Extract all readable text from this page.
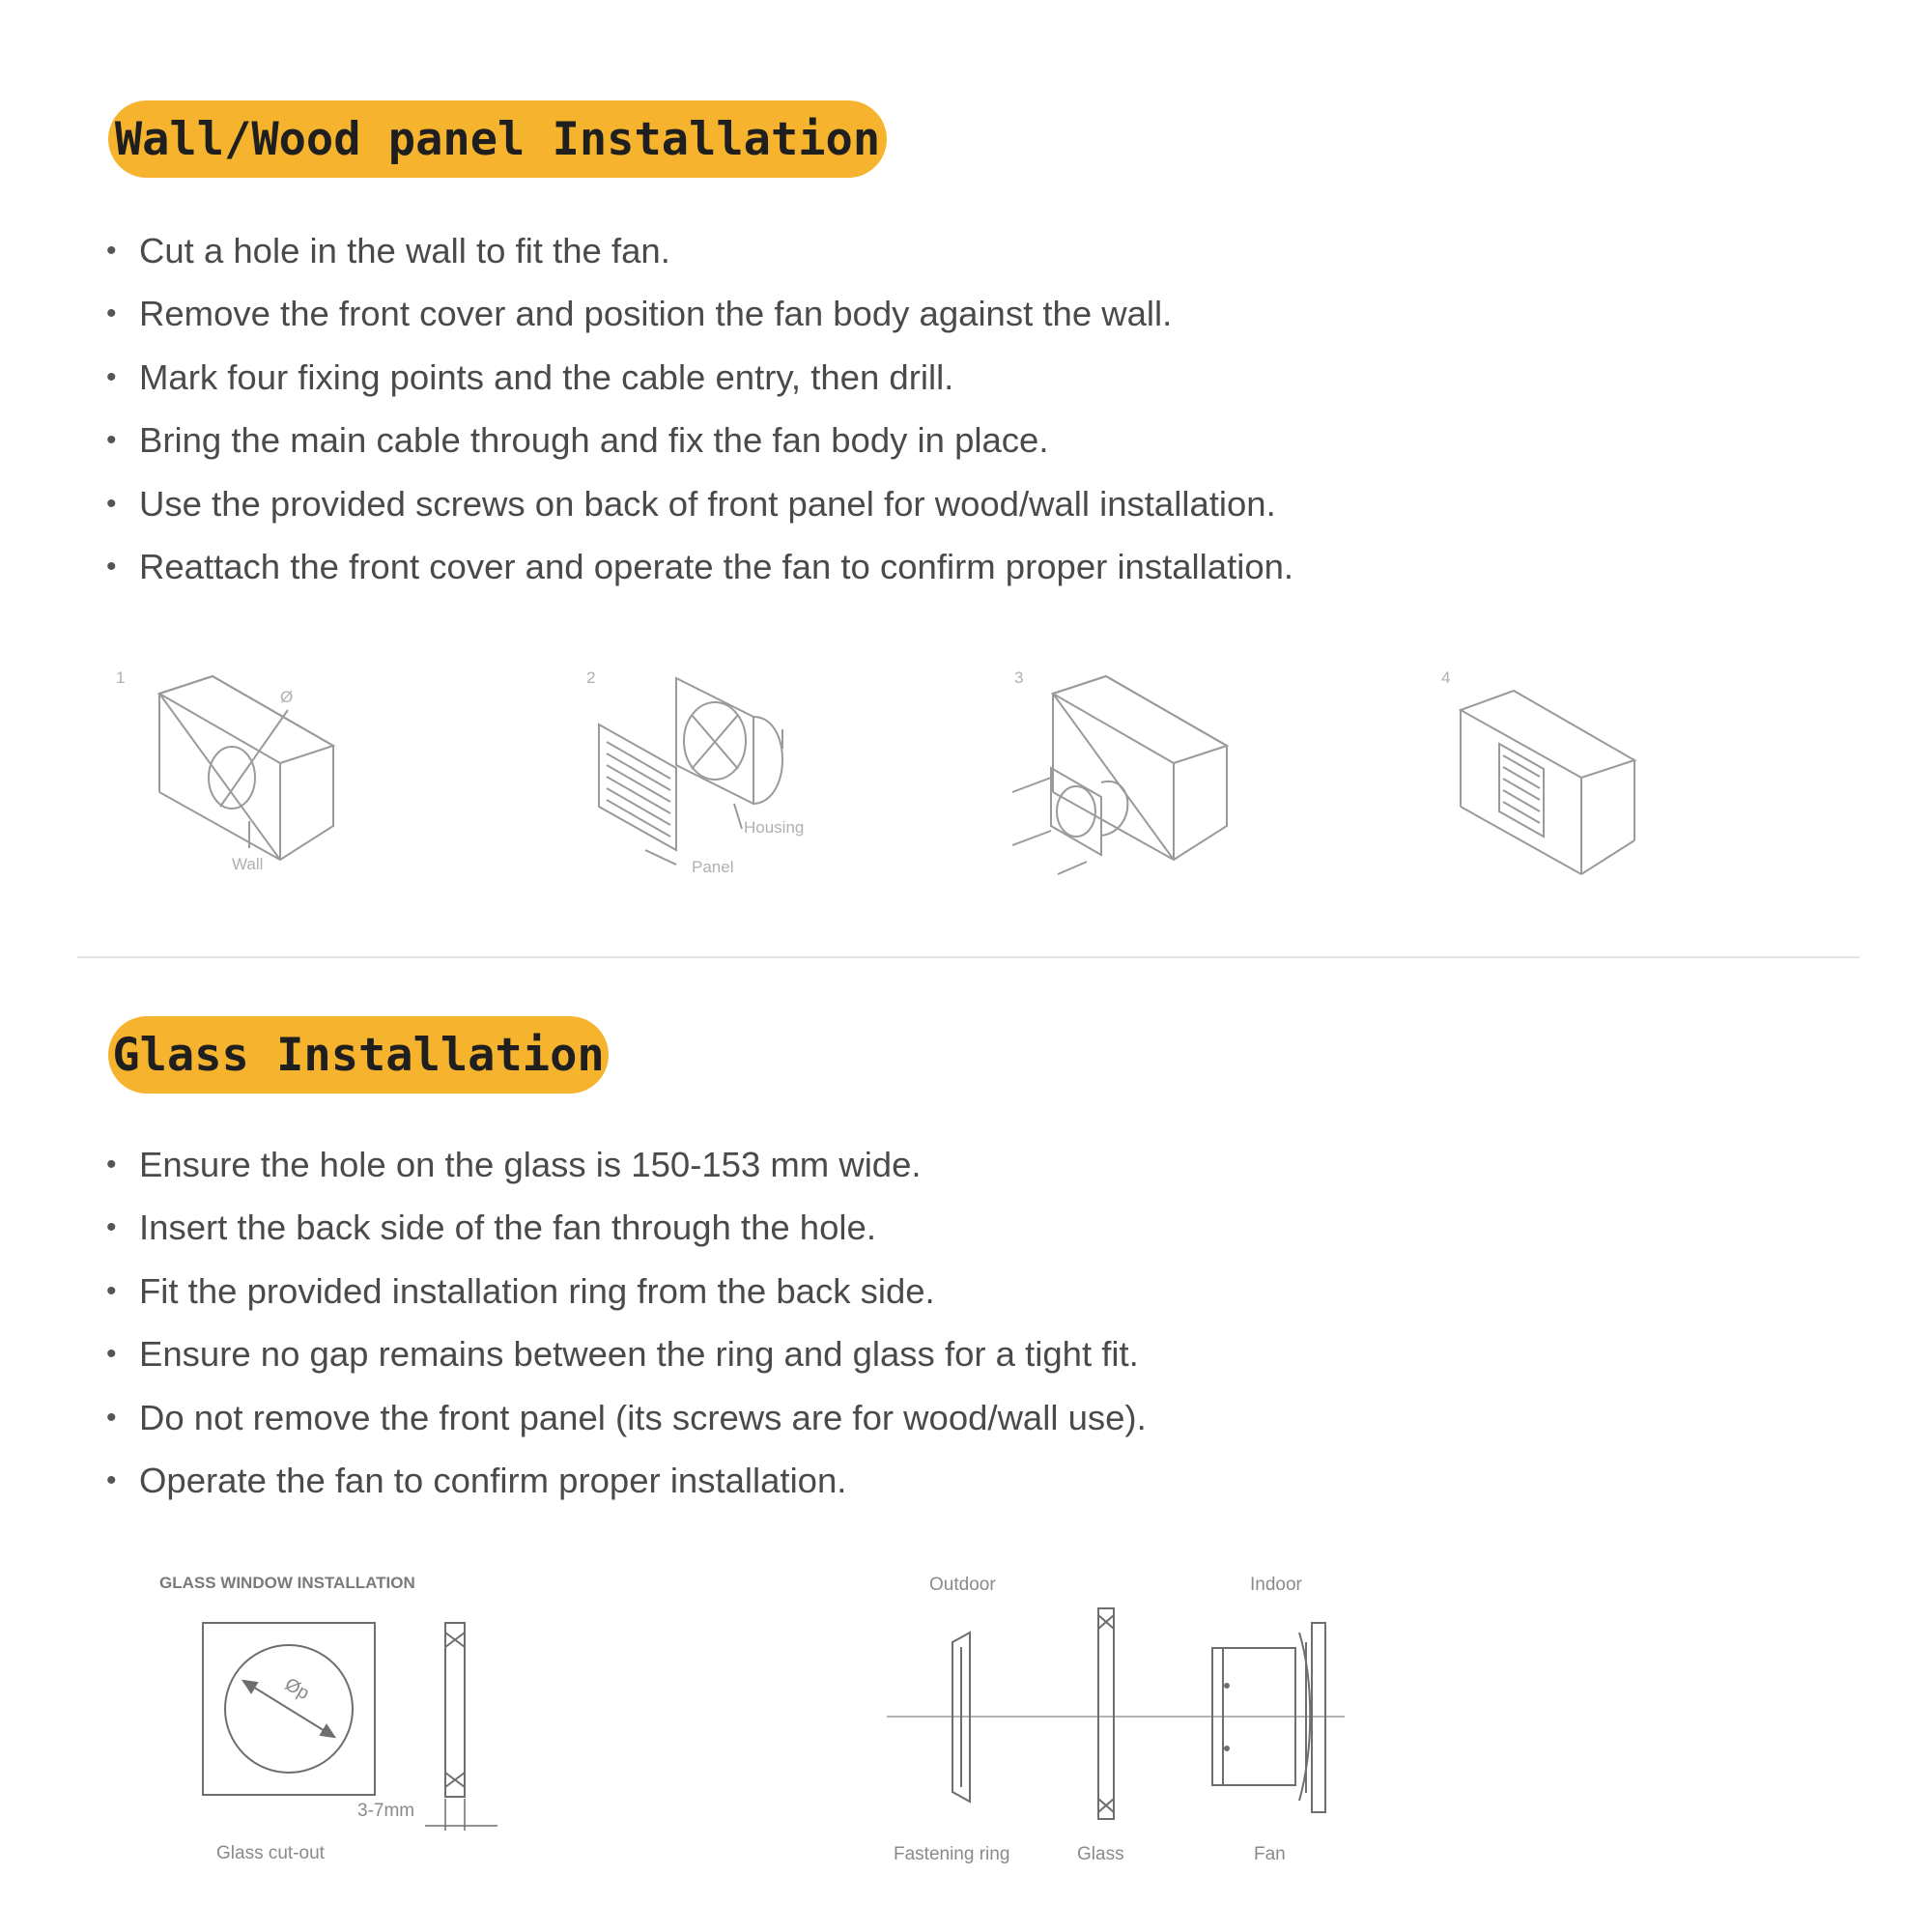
Wall/Wood panel Installation
• Cut a hole in the wall to fit the fan.
• Remove the front cover and position the fan body against the wall.
• Mark four fixing points and the cable entry, then drill.
• Bring the main cable through and fix the fan body in place.
• Use the provided screws on back of front panel for wood/wall installation.
• Reattach the front cover and operate the fan to confirm proper installation.
1	2	3	4
Ø
Wall
Housing
Panel
Glass Installation
• Ensure the hole on the glass is 150-153 mm wide.
• Insert the back side of the fan through the hole.
• Fit the provided installation ring from the back side.
• Ensure no gap remains between the ring and glass for a tight fit.
• Do not remove the front panel (its screws are for wood/wall use).
• Operate the fan to confirm proper installation.
GLASS WINDOW INSTALLATION
3-7mm
Øp
Glass cut-out
Outdoor	Indoor
Fastening ring	Glass	Fan
